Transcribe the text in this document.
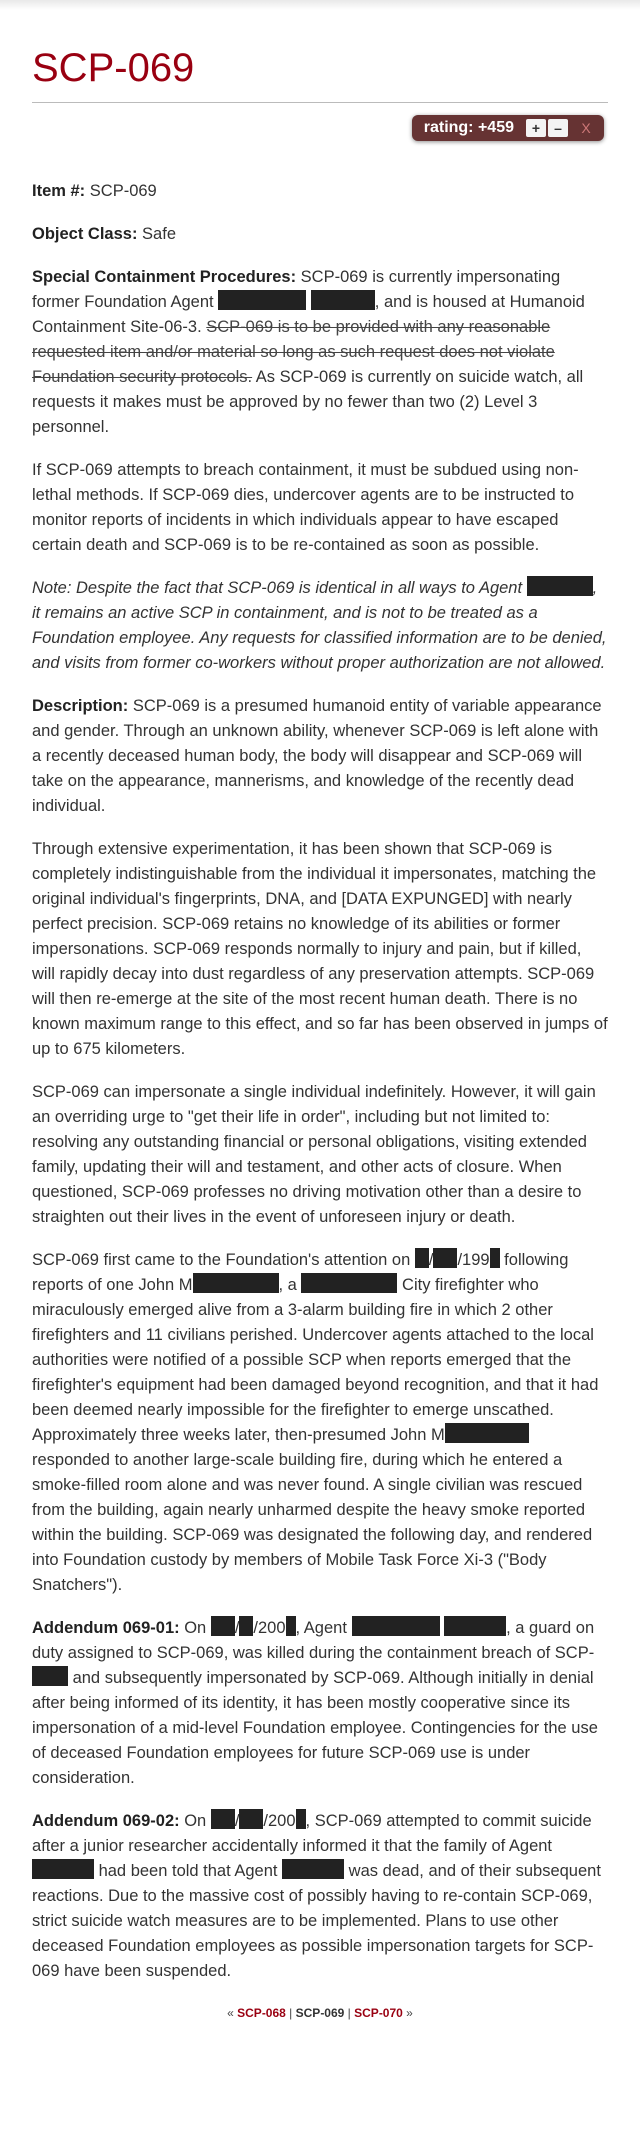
SCP-069
rating: +459	+	–	X

Item #: SCP-069

Object Class: Safe

Special Containment Procedures: SCP-069 is currently impersonating former Foundation Agent	, and is housed at Humanoid Containment Site-06-3. SCP-069 is to be provided with any reasonable requested item and/or material so long as such request does not violate Foundation security protocols. As SCP-069 is currently on suicide watch, all requests it makes must be approved by no fewer than two (2) Level 3 personnel.

If SCP-069 attempts to breach containment, it must be subdued using non-lethal methods. If SCP-069 dies, undercover agents are to be instructed to monitor reports of incidents in which individuals appear to have escaped certain death and SCP-069 is to be re-contained as soon as possible.

Note: Despite the fact that SCP-069 is identical in all ways to Agent	, it remains an active SCP in containment, and is not to be treated as a Foundation employee. Any requests for classified information are to be denied, and visits from former co-workers without proper authorization are not allowed.

Description: SCP-069 is a presumed humanoid entity of variable appearance and gender. Through an unknown ability, whenever SCP-069 is left alone with a recently deceased human body, the body will disappear and SCP-069 will take on the appearance, mannerisms, and knowledge of the recently dead individual.

Through extensive experimentation, it has been shown that SCP-069 is completely indistinguishable from the individual it impersonates, matching the original individual's fingerprints, DNA, and [DATA EXPUNGED] with nearly perfect precision. SCP-069 retains no knowledge of its abilities or former impersonations. SCP-069 responds normally to injury and pain, but if killed, will rapidly decay into dust regardless of any preservation attempts. SCP-069 will then re-emerge at the site of the most recent human death. There is no known maximum range to this effect, and so far has been observed in jumps of up to 675 kilometers.

SCP-069 can impersonate a single individual indefinitely. However, it will gain an overriding urge to "get their life in order", including but not limited to: resolving any outstanding financial or personal obligations, visiting extended family, updating their will and testament, and other acts of closure. When questioned, SCP-069 professes no driving motivation other than a desire to straighten out their lives in the event of unforeseen injury or death.

SCP-069 first came to the Foundation's attention on / /199 following reports of one John M	, a	City firefighter who miraculously emerged alive from a 3-alarm building fire in which 2 other firefighters and 11 civilians perished. Undercover agents attached to the local authorities were notified of a possible SCP when reports emerged that the firefighter's equipment had been damaged beyond recognition, and that it had been deemed nearly impossible for the firefighter to emerge unscathed. Approximately three weeks later, then-presumed John M responded to another large-scale building fire, during which he entered a smoke-filled room alone and was never found. A single civilian was rescued from the building, again nearly unharmed despite the heavy smoke reported within the building. SCP-069 was designated the following day, and rendered into Foundation custody by members of Mobile Task Force Xi-3 ("Body Snatchers").

Addendum 069-01: On / /200 , Agent	, a guard on duty assigned to SCP-069, was killed during the containment breach of SCP- and subsequently impersonated by SCP-069. Although initially in denial after being informed of its identity, it has been mostly cooperative since its impersonation of a mid-level Foundation employee. Contingencies for the use of deceased Foundation employees for future SCP-069 use is under consideration.

Addendum 069-02: On / /200 , SCP-069 attempted to commit suicide after a junior researcher accidentally informed it that the family of Agent  had been told that Agent	was dead, and of their subsequent reactions. Due to the massive cost of possibly having to re-contain SCP-069, strict suicide watch measures are to be implemented. Plans to use other deceased Foundation employees as possible impersonation targets for SCP-069 have been suspended.

« SCP-068 | SCP-069 | SCP-070 »
